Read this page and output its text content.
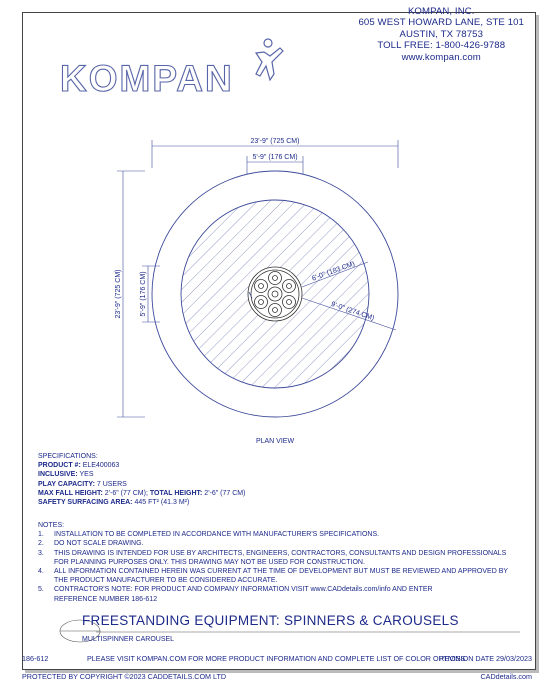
23'-9" (725 CM)
5'-9" (176 CM)
23'-9" (725 CM)	5'-9" (176 CM)	6'-0" (183 CM)
9'-0" (274 CM)
KOMPAN, INC.
605 WEST HOWARD LANE, STE 101
AUSTIN, TX 78753
TOLL FREE: 1-800-426-9788
www.kompan.com
KOMPAN
PLAN VIEW
SPECIFICATIONS:
PRODUCT #: ELE400063
INCLUSIVE: YES
PLAY CAPACITY: 7 USERS
MAX FALL HEIGHT: 2'-6" (77 CM); TOTAL HEIGHT: 2'-6" (77 CM)
SAFETY SURFACING AREA: 445 FT² (41.3 M²)
NOTES:
1.	INSTALLATION TO BE COMPLETED IN ACCORDANCE WITH MANUFACTURER'S SPECIFICATIONS.
2.	DO NOT SCALE DRAWING.
3.	THIS DRAWING IS INTENDED FOR USE BY ARCHITECTS, ENGINEERS, CONTRACTORS, CONSULTANTS AND DESIGN PROFESSIONALS
FOR PLANNING PURPOSES ONLY. THIS DRAWING MAY NOT BE USED FOR CONSTRUCTION.
4.	ALL INFORMATION CONTAINED HEREIN WAS CURRENT AT THE TIME OF DEVELOPMENT BUT MUST BE REVIEWED AND APPROVED BY
THE PRODUCT MANUFACTURER TO BE CONSIDERED ACCURATE.
5.	CONTRACTOR'S NOTE: FOR PRODUCT AND COMPANY INFORMATION VISIT www.CADdetails.com/info AND ENTER
REFERENCE NUMBER 186-612
FREESTANDING EQUIPMENT: SPINNERS & CAROUSELS
MULTISPINNER CAROUSEL
186-612	PLEASE VISIT KOMPAN.COM FOR MORE PRODUCT INFORMATION AND COMPLETE LIST OF COLOR OPTIONS
REVISION DATE 29/03/2023
PROTECTED BY COPYRIGHT ©2023 CADDETAILS.COM LTD	CADdetails.com
